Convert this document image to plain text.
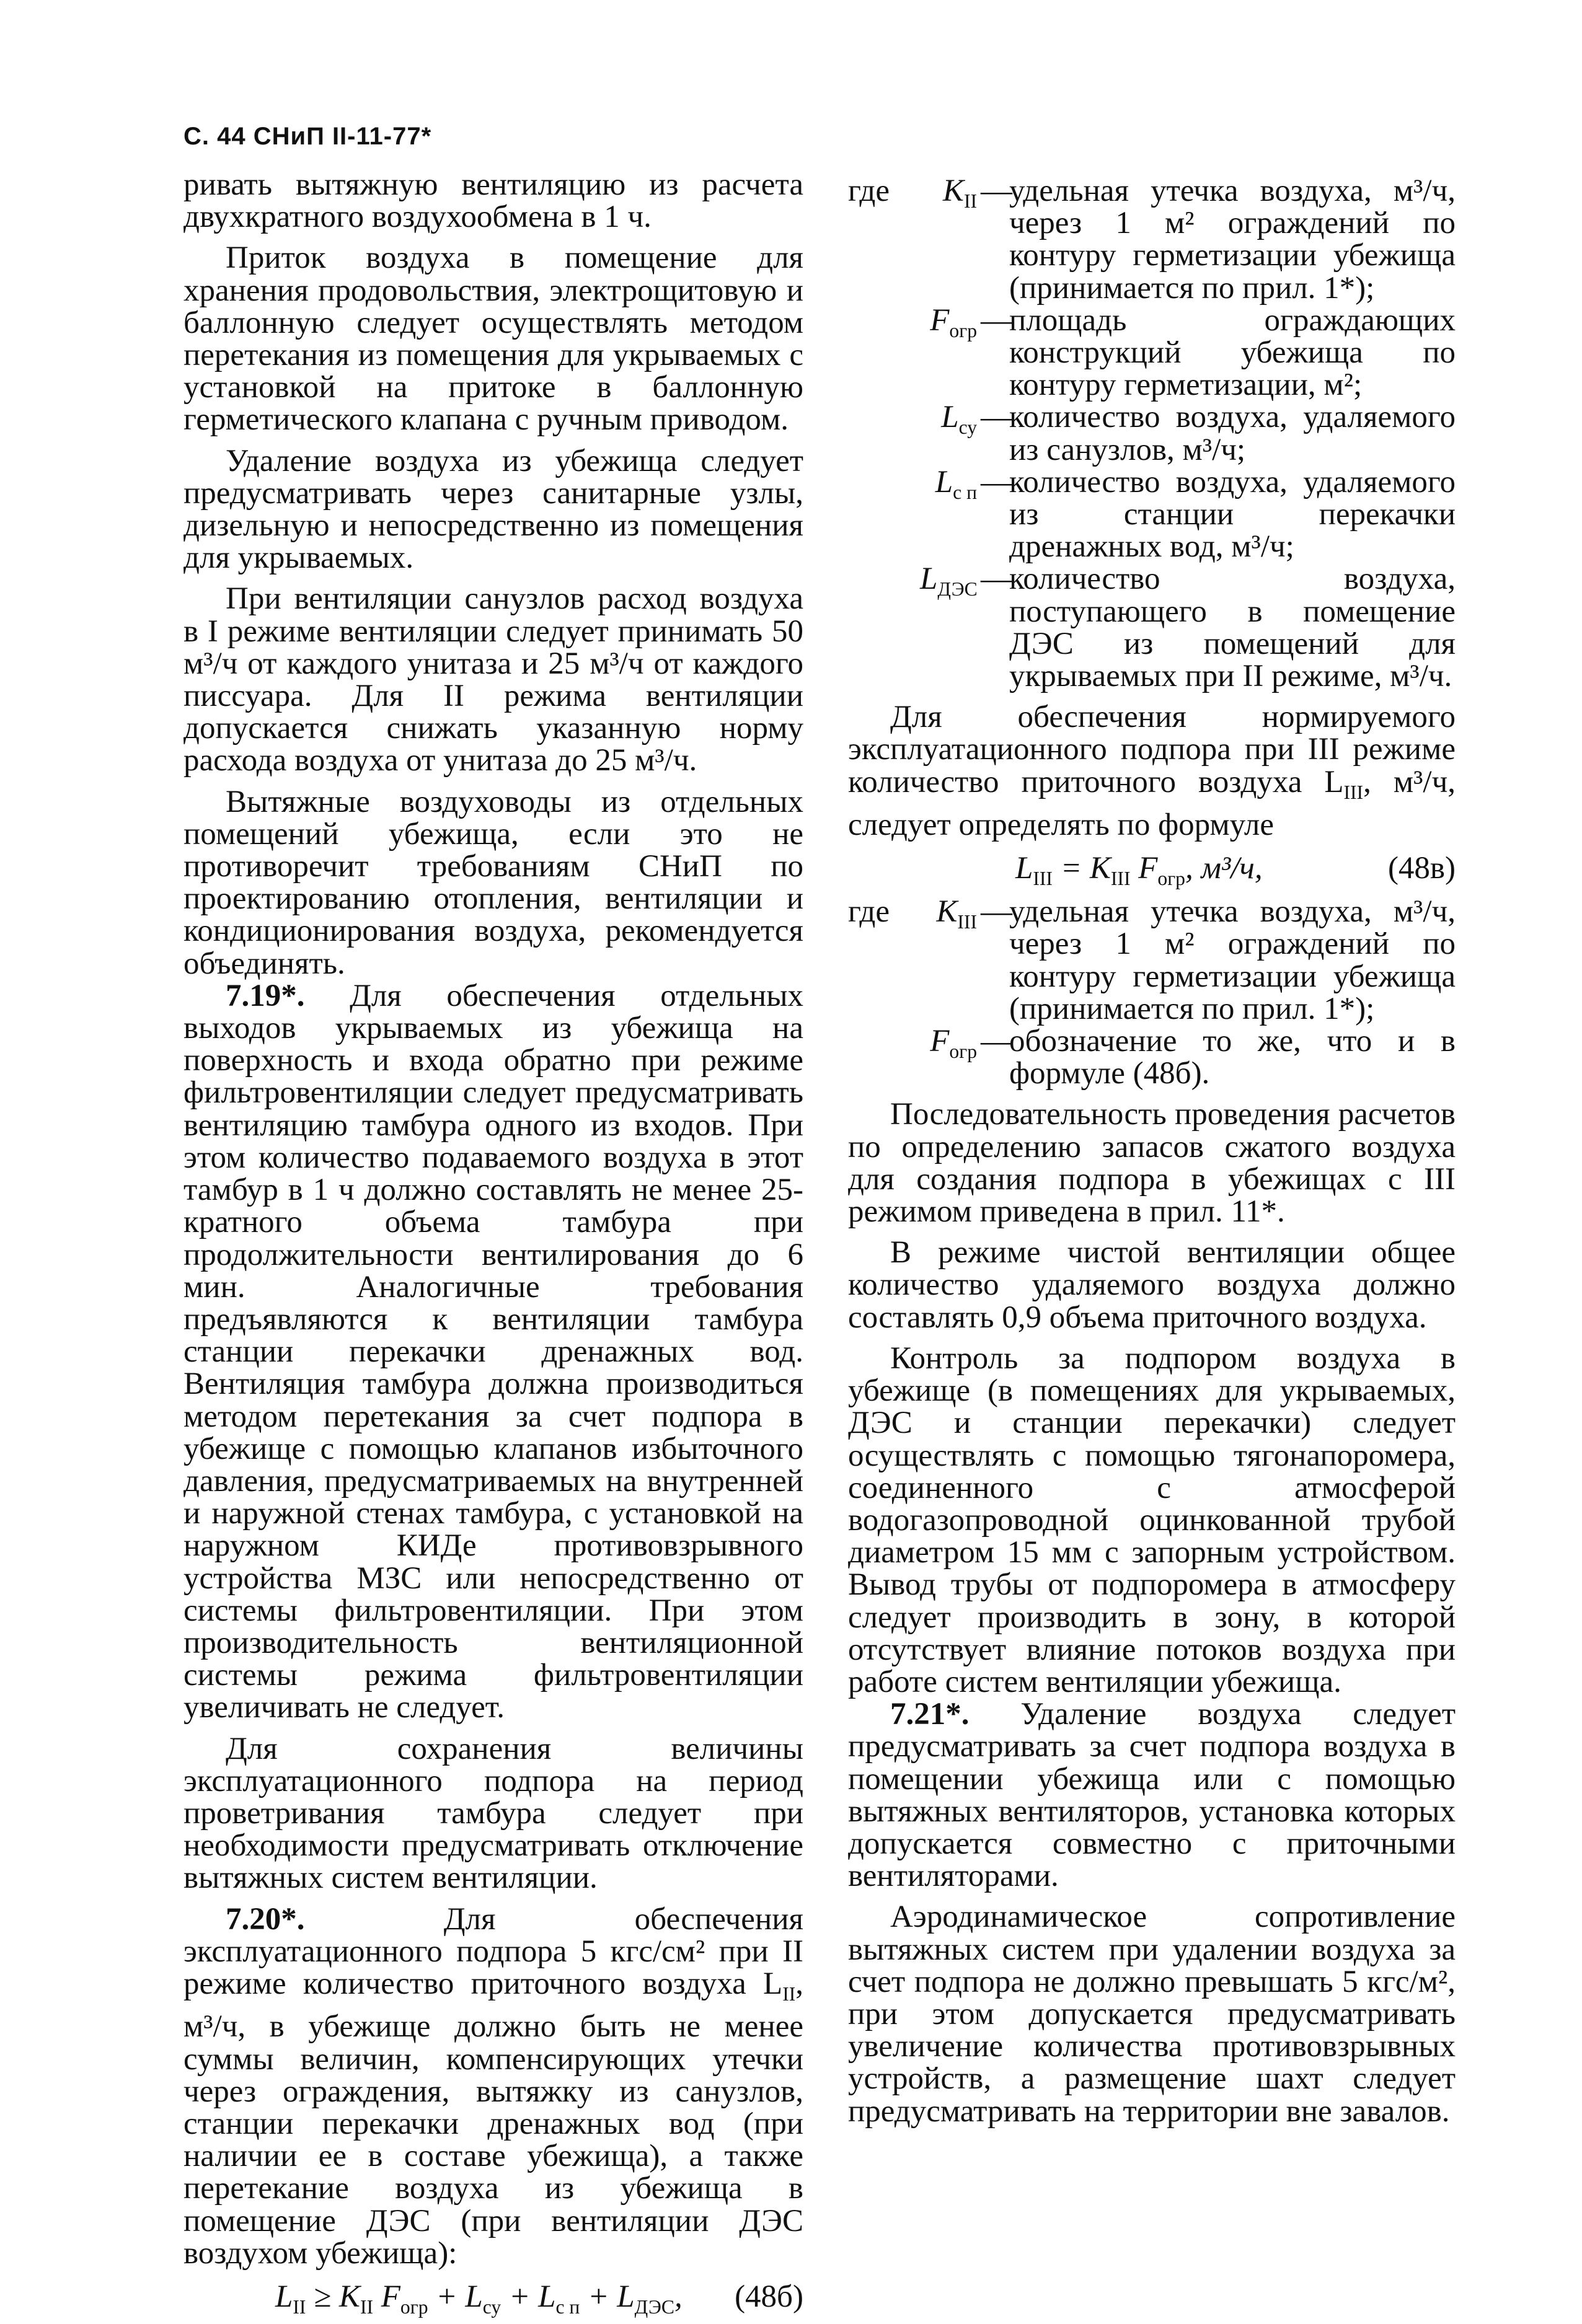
С. 44 СНиП II-11-77*

ривать вытяжную вентиляцию из расчета двухкратного воздухообмена в 1 ч.

Приток воздуха в помещение для хранения продовольствия, электрощитовую и баллонную следует осуществлять методом перетекания из помещения для укрываемых с установкой на притоке в баллонную герметического клапана с ручным приводом.

Удаление воздуха из убежища следует предусматривать через санитарные узлы, дизельную и непосредственно из помещения для укрываемых.

При вентиляции санузлов расход воздуха в I режиме вентиляции следует принимать 50 м³/ч от каждого унитаза и 25 м³/ч от каждого писсуара. Для II режима вентиляции допускается снижать указанную норму расхода воздуха от унитаза до 25 м³/ч.

Вытяжные воздуховоды из отдельных помещений убежища, если это не противоречит требованиям СНиП по проектированию отопления, вентиляции и кондиционирования воздуха, рекомендуется объединять.

7.19*. Для обеспечения отдельных выходов укрываемых из убежища на поверхность и входа обратно при режиме фильтровентиляции следует предусматривать вентиляцию тамбура одного из входов. При этом количество подаваемого воздуха в этот тамбур в 1 ч должно составлять не менее 25-кратного объема тамбура при продолжительности вентилирования до 6 мин. Аналогичные требования предъявляются к вентиляции тамбура станции перекачки дренажных вод. Вентиляция тамбура должна производиться методом перетекания за счет подпора в убежище с помощью клапанов избыточного давления, предусматриваемых на внутренней и наружной стенах тамбура, с установкой на наружном КИДе противовзрывного устройства МЗС или непосредственно от системы фильтровентиляции. При этом производительность вентиляционной системы режима фильтровентиляции увеличивать не следует.

Для сохранения величины эксплуатационного подпора на период проветривания тамбура следует при необходимости предусматривать отключение вытяжных систем вентиляции.

7.20*. Для обеспечения эксплуатационного подпора 5 кгс/см² при II режиме количество приточного воздуха $L_{II}$, м³/ч, в убежище должно быть не менее суммы величин, компенсирующих утечки через ограждения, вытяжку из санузлов, станции перекачки дренажных вод (при наличии ее в составе убежища), а также перетекание воздуха из убежища в помещение ДЭС (при вентиляции ДЭС воздухом убежища):

$L_{II} \ge K_{II}$ $F_{огр} + L_{су} + L_{с п} + L_{ДЭС}$, (48б)
где	$K_{II}$ —
удельная утечка воздуха, м³/ч, через 1 м² ограждений по контуру герметизации убежища (принимается по прил. 1*);
$F_{огр}$ —
площадь ограждающих конструкций убежища по контуру герметизации, м²;
$L_{су}$ —
количество воздуха, удаляемого из санузлов, м³/ч;
$L_{с п}$ —
количество воздуха, удаляемого из станции перекачки дренажных вод, м³/ч;
$L_{ДЭС}$ —
количество воздуха, поступающего в помещение ДЭС из помещений для укрываемых при II режиме, м³/ч.

Для обеспечения нормируемого эксплуатационного подпора при III режиме количество приточного воздуха $L_{III}$, м³/ч, следует определять по формуле

$L_{III} = K_{III}$ $F_{огр}$, м³/ч,	(48в)
где	$K_{III}$ —
удельная утечка воздуха, м³/ч, через 1 м² ограждений по контуру герметизации убежища (принимается по прил. 1*);
$F_{огр}$ —
обозначение то же, что и в формуле (48б).

Последовательность проведения расчетов по определению запасов сжатого воздуха для создания подпора в убежищах с III режимом приведена в прил. 11*.

В режиме чистой вентиляции общее количество удаляемого воздуха должно составлять 0,9 объема приточного воздуха.

Контроль за подпором воздуха в убежище (в помещениях для укрываемых, ДЭС и станции перекачки) следует осуществлять с помощью тягонапоромера, соединенного с атмосферой водогазопроводной оцинкованной трубой диаметром 15 мм с запорным устройством. Вывод трубы от подпоромера в атмосферу следует производить в зону, в которой отсутствует влияние потоков воздуха при работе систем вентиляции убежища.

7.21*. Удаление воздуха следует предусматривать за счет подпора воздуха в помещении убежища или с помощью вытяжных вентиляторов, установка которых допускается совместно с приточными вентиляторами.

Аэродинамическое сопротивление вытяжных систем при удалении воздуха за счет подпора не должно превышать 5 кгс/м², при этом допускается предусматривать увеличение количества противовзрывных устройств, а размещение шахт следует предусматривать на территории вне завалов.
